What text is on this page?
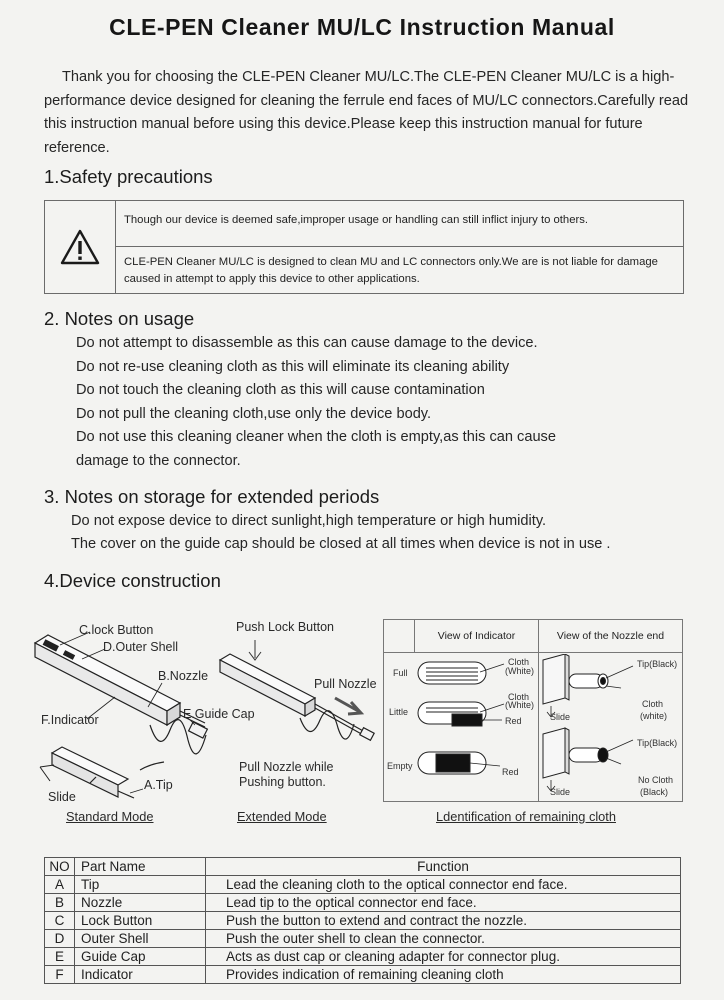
CLE-PEN Cleaner MU/LC Instruction Manual

Thank you for choosing the CLE-PEN Cleaner MU/LC.The CLE-PEN Cleaner MU/LC is a high-performance device designed for cleaning the ferrule end faces of MU/LC connectors.Carefully read this instruction manual before using this device.Please keep this instruction manual for future reference.

1.Safety precautions
Though our device is deemed safe,improper usage or handling can still inflict injury to others.
CLE-PEN Cleaner MU/LC is designed to clean MU and LC connectors only.We are is not liable for damage caused in attempt to apply this device to other applications.
2. Notes on usage
Do not attempt to disassemble as this can cause damage to the device.
Do not re-use cleaning cloth as this will eliminate its cleaning ability
Do not touch the cleaning cloth as this will cause contamination
Do not pull the cleaning cloth,use only the device body.
Do not use this cleaning cleaner when the cloth is empty,as this can cause
damage to the connector.
3. Notes on storage for extended periods
Do not expose device to direct sunlight,high temperature or high humidity.
The cover on the guide cap should be closed at all times when device is not in use .
4.Device construction
C.lock Button
D.Outer Shell
B.Nozzle
E.Guide Cap
F.Indicator
A.Tip
Slide
Standard Mode
Push Lock Button
Pull Nozzle
Pull Nozzle while
Pushing button.
Extended Mode
View of Indicator	View of the Nozzle end
Full
Little
Empty
Cloth
(White)
Cloth
(White)
Red
Red
Tip(Black)
Cloth
(white)
Slide
Tip(Black)
No Cloth
(Black)
Slide
Ldentification of remaining cloth
NO	Part Name	Function
A	Tip	Lead the cleaning cloth to the optical connector end face.
B	Nozzle	Lead tip to the optical connector end face.
C	Lock Button	Push the button to extend and contract the nozzle.
D	Outer Shell	Push the outer shell to clean the connector.
E	Guide Cap	Acts as dust cap or cleaning adapter for connector plug.
F	Indicator	Provides indication of remaining cleaning cloth
